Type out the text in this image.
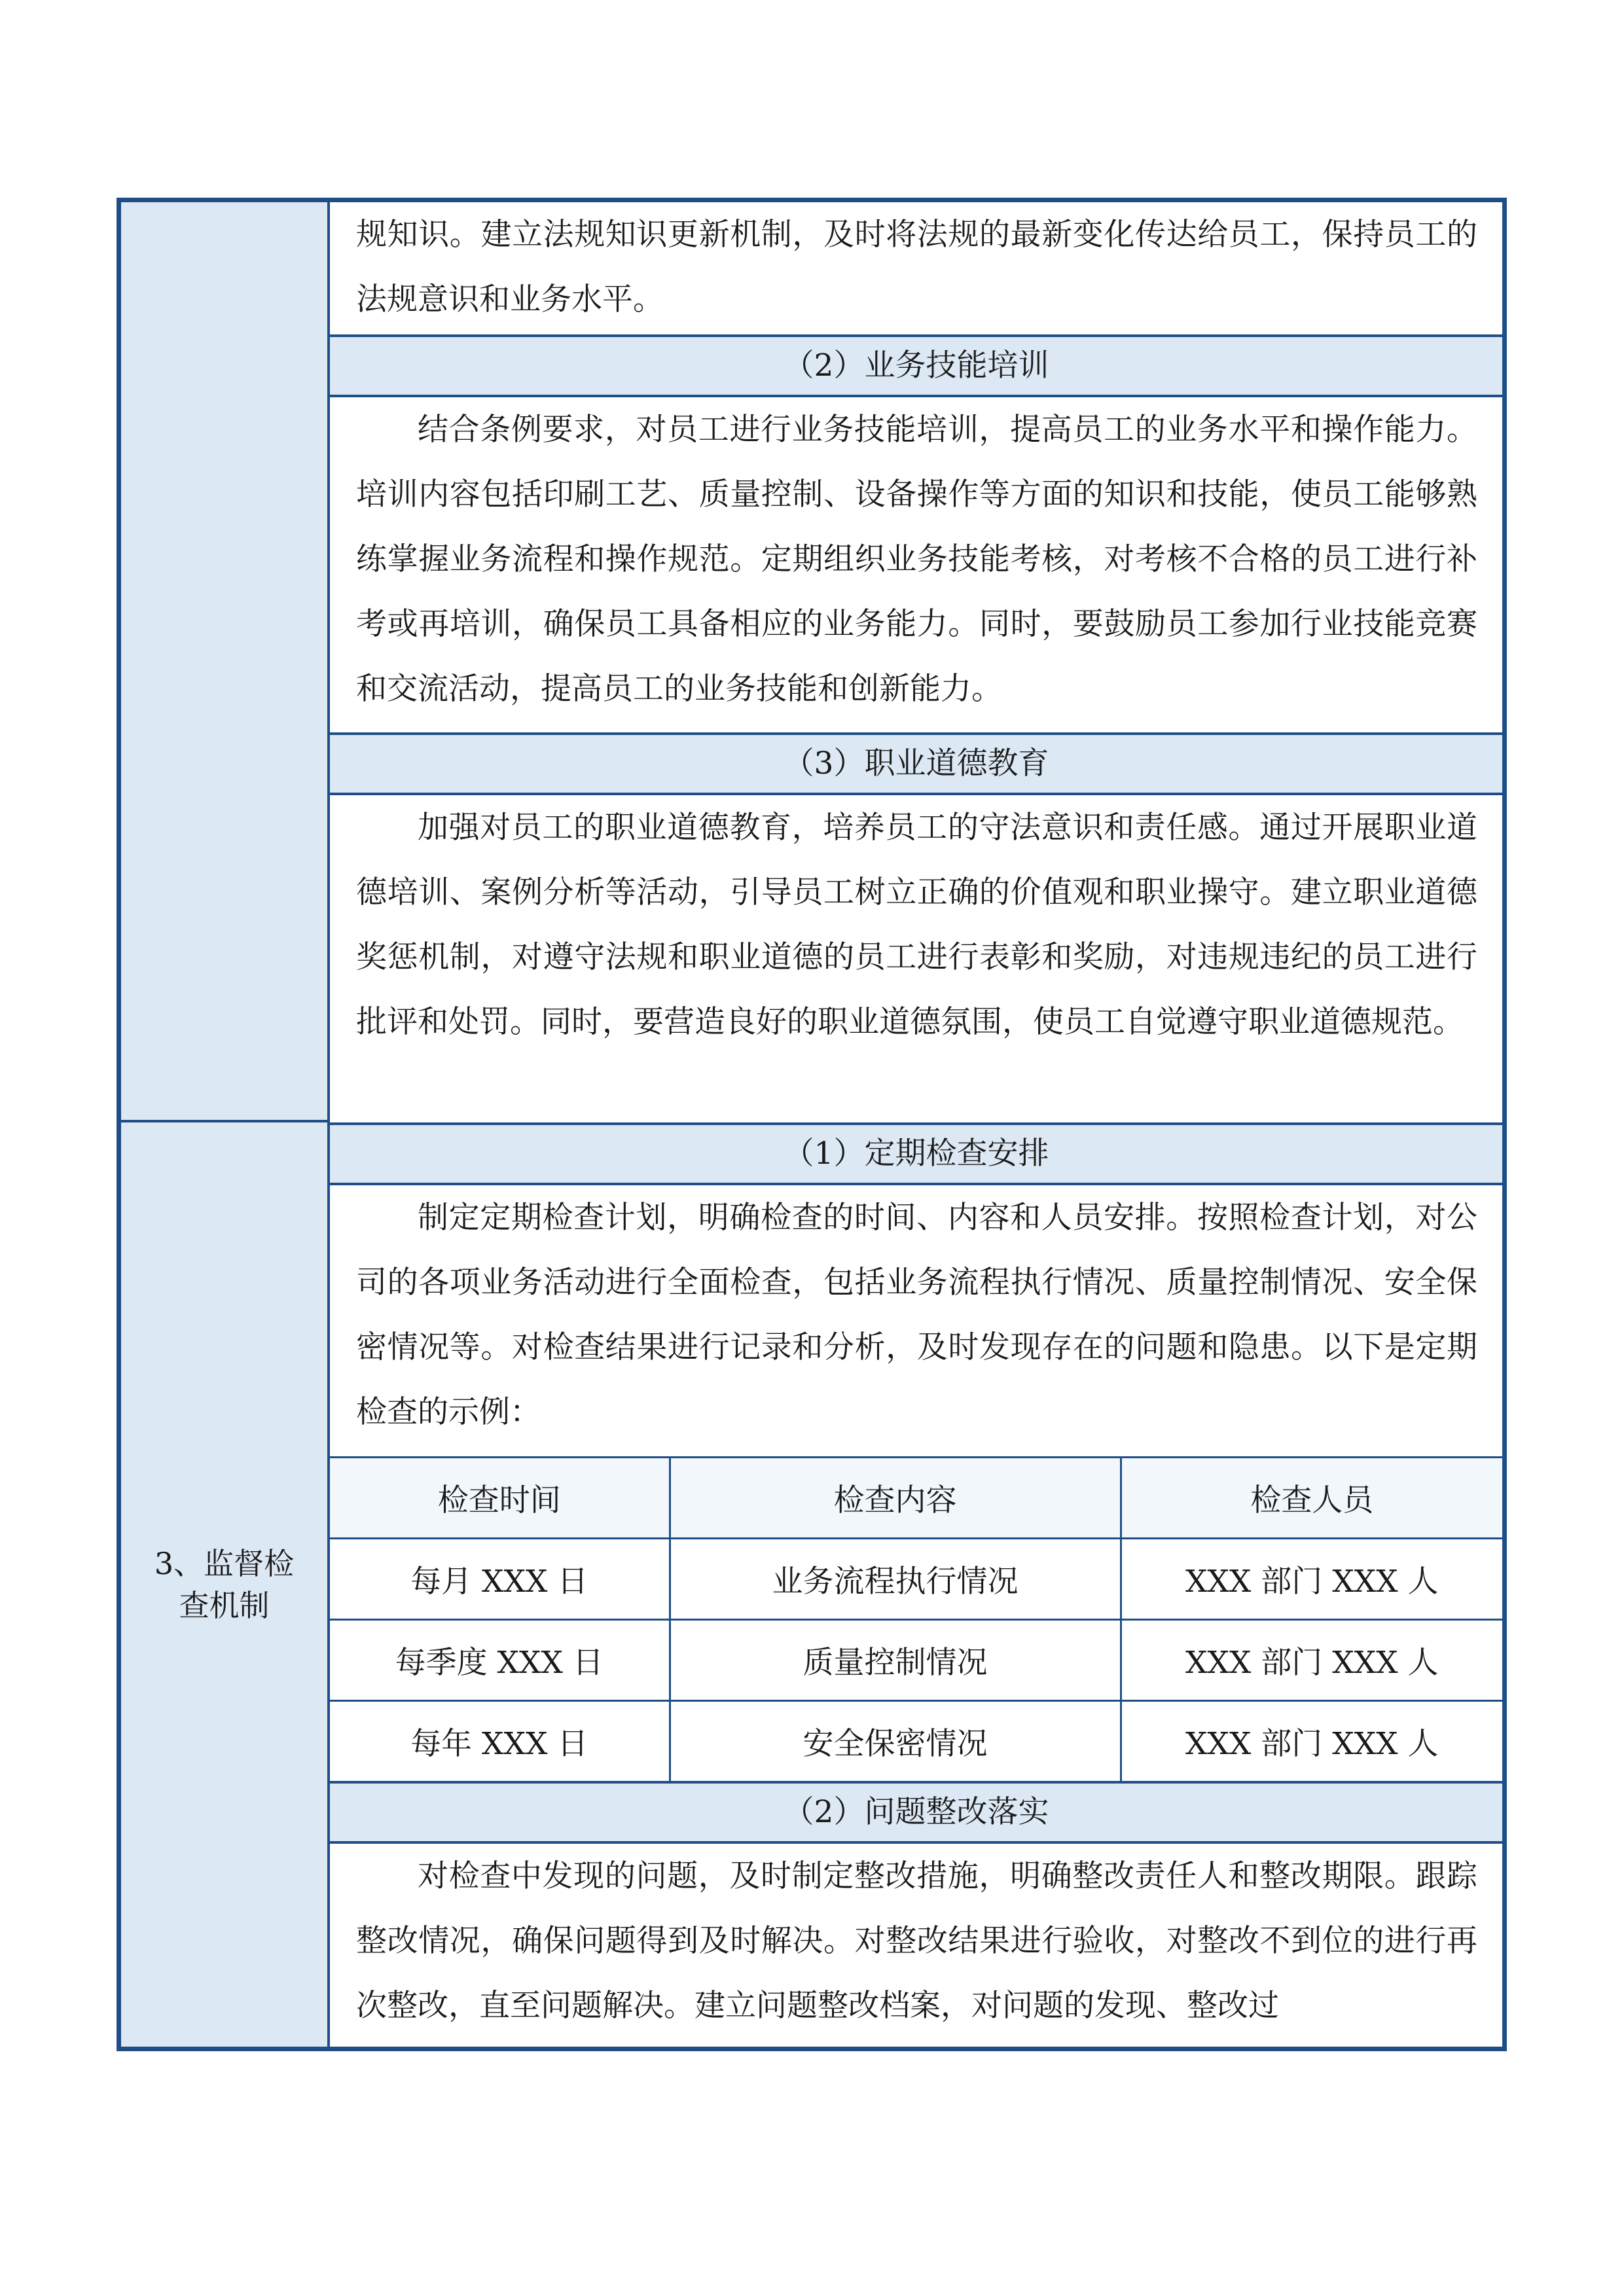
3、监督检查机制
规知识。建立法规知识更新机制，及时将法规的最新变化传达给员工，保持员工的法规意识和业务水平。
（2）业务技能培训
结合条例要求，对员工进行业务技能培训，提高员工的业务水平和操作能力。培训内容包括印刷工艺、质量控制、设备操作等方面的知识和技能，使员工能够熟练掌握业务流程和操作规范。定期组织业务技能考核，对考核不合格的员工进行补考或再培训，确保员工具备相应的业务能力。同时，要鼓励员工参加行业技能竞赛和交流活动，提高员工的业务技能和创新能力。
（3）职业道德教育
加强对员工的职业道德教育，培养员工的守法意识和责任感。通过开展职业道德培训、案例分析等活动，引导员工树立正确的价值观和职业操守。建立职业道德奖惩机制，对遵守法规和职业道德的员工进行表彰和奖励，对违规违纪的员工进行批评和处罚。同时，要营造良好的职业道德氛围，使员工自觉遵守职业道德规范。
（1）定期检查安排
制定定期检查计划，明确检查的时间、内容和人员安排。按照检查计划，对公司的各项业务活动进行全面检查，包括业务流程执行情况、质量控制情况、安全保密情况等。对检查结果进行记录和分析，及时发现存在的问题和隐患。以下是定期检查的示例：
检查时间	检查内容	检查人员
每月 XXX 日	业务流程执行情况	XXX 部门 XXX 人
每季度 XXX 日	质量控制情况	XXX 部门 XXX 人
每年 XXX 日	安全保密情况	XXX 部门 XXX 人
（2）问题整改落实
对检查中发现的问题，及时制定整改措施，明确整改责任人和整改期限。跟踪整改情况，确保问题得到及时解决。对整改结果进行验收，对整改不到位的进行再次整改，直至问题解决。建立问题整改档案，对问题的发现、整改过
